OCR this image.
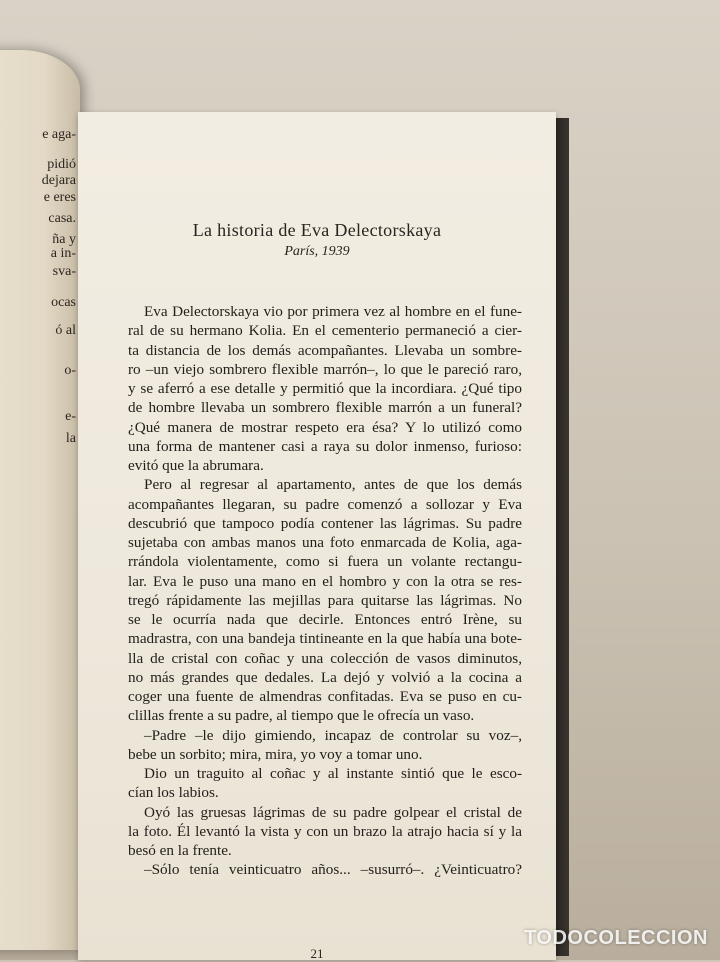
e aga-
pidió
dejara
e eres
casa.
ña y
a in-
sva-
ocas
ó al
o-
e-
la
La historia de Eva Delectorskaya
París, 1939
Eva Delectorskaya vio por primera vez al hombre en el fune-
ral de su hermano Kolia. En el cementerio permaneció a cier-
ta distancia de los demás acompañantes. Llevaba un sombre-
ro –un viejo sombrero flexible marrón–, lo que le pareció raro,
y se aferró a ese detalle y permitió que la incordiara. ¿Qué tipo
de hombre llevaba un sombrero flexible marrón a un funeral?
¿Qué manera de mostrar respeto era ésa? Y lo utilizó como
una forma de mantener casi a raya su dolor inmenso, furioso:
evitó que la abrumara.
Pero al regresar al apartamento, antes de que los demás
acompañantes llegaran, su padre comenzó a sollozar y Eva
descubrió que tampoco podía contener las lágrimas. Su padre
sujetaba con ambas manos una foto enmarcada de Kolia, aga-
rrándola violentamente, como si fuera un volante rectangu-
lar. Eva le puso una mano en el hombro y con la otra se res-
tregó rápidamente las mejillas para quitarse las lágrimas. No
se le ocurría nada que decirle. Entonces entró Irène, su
madrastra, con una bandeja tintineante en la que había una bote-
lla de cristal con coñac y una colección de vasos diminutos,
no más grandes que dedales. La dejó y volvió a la cocina a
coger una fuente de almendras confitadas. Eva se puso en cu-
clillas frente a su padre, al tiempo que le ofrecía un vaso.
–Padre –le dijo gimiendo, incapaz de controlar su voz–,
bebe un sorbito; mira, mira, yo voy a tomar uno.
Dio un traguito al coñac y al instante sintió que le esco-
cían los labios.
Oyó las gruesas lágrimas de su padre golpear el cristal de
la foto. Él levantó la vista y con un brazo la atrajo hacia sí y la
besó en la frente.
–Sólo tenía veinticuatro años... –susurró–. ¿Veinticuatro?
21
TODOCOLECCION
